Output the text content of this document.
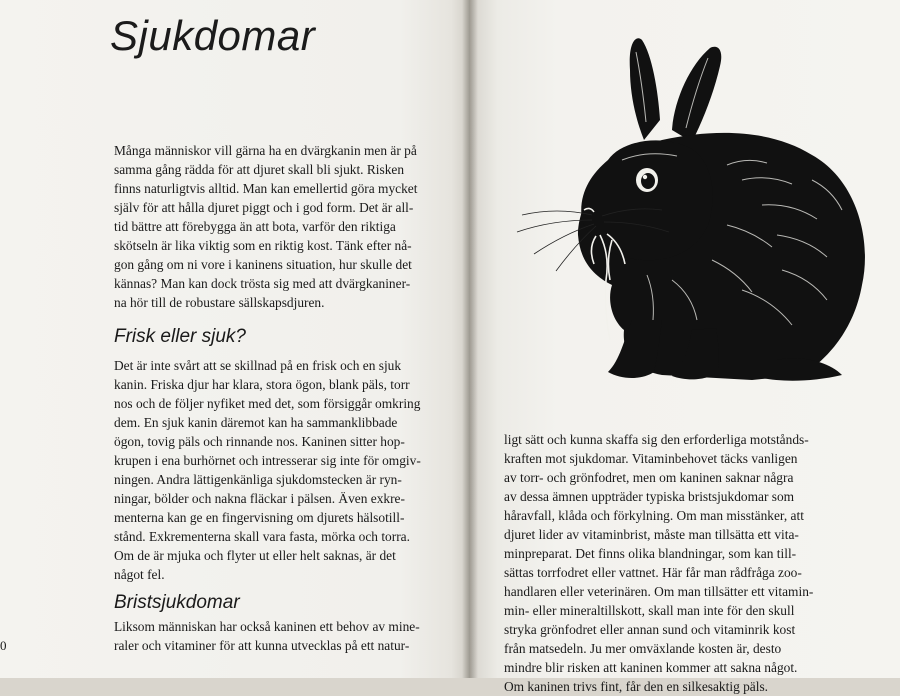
Sjukdomar
Många människor vill gärna ha en dvärgkanin men är på
samma gång rädda för att djuret skall bli sjukt. Risken
finns naturligtvis alltid. Man kan emellertid göra mycket
själv för att hålla djuret piggt och i god form. Det är all-
tid bättre att förebygga än att bota, varför den riktiga
skötseln är lika viktig som en riktig kost. Tänk efter nå-
gon gång om ni vore i kaninens situation, hur skulle det
kännas? Man kan dock trösta sig med att dvärgkaniner-
na hör till de robustare sällskapsdjuren.
Frisk eller sjuk?
Det är inte svårt att se skillnad på en frisk och en sjuk
kanin. Friska djur har klara, stora ögon, blank päls, torr
nos och de följer nyfiket med det, som försiggår omkring
dem. En sjuk kanin däremot kan ha sammanklibbade
ögon, tovig päls och rinnande nos. Kaninen sitter hop-
krupen i ena burhörnet och intresserar sig inte för omgiv-
ningen. Andra lättigenkänliga sjukdomstecken är ryn-
ningar, bölder och nakna fläckar i pälsen. Även exkre-
menterna kan ge en fingervisning om djurets hälsotill-
stånd. Exkrementerna skall vara fasta, mörka och torra.
Om de är mjuka och flyter ut eller helt saknas, är det
något fel.
Bristsjukdomar
Liksom människan har också kaninen ett behov av mine-
raler och vitaminer för att kunna utvecklas på ett natur-
0
ligt sätt och kunna skaffa sig den erforderliga motstånds-
kraften mot sjukdomar. Vitaminbehovet täcks vanligen
av torr- och grönfodret, men om kaninen saknar några
av dessa ämnen uppträder typiska bristsjukdomar som
håravfall, klåda och förkylning. Om man misstänker, att
djuret lider av vitaminbrist, måste man tillsätta ett vita-
minpreparat. Det finns olika blandningar, som kan till-
sättas torrfodret eller vattnet. Här får man rådfråga zoo-
handlaren eller veterinären. Om man tillsätter ett vitamin-
min- eller mineraltillskott, skall man inte för den skull
stryka grönfodret eller annan sund och vitaminrik kost
från matsedeln. Ju mer omväxlande kosten är, desto
mindre blir risken att kaninen kommer att sakna något.
Om kaninen trivs fint, får den en silkesaktig päls.
